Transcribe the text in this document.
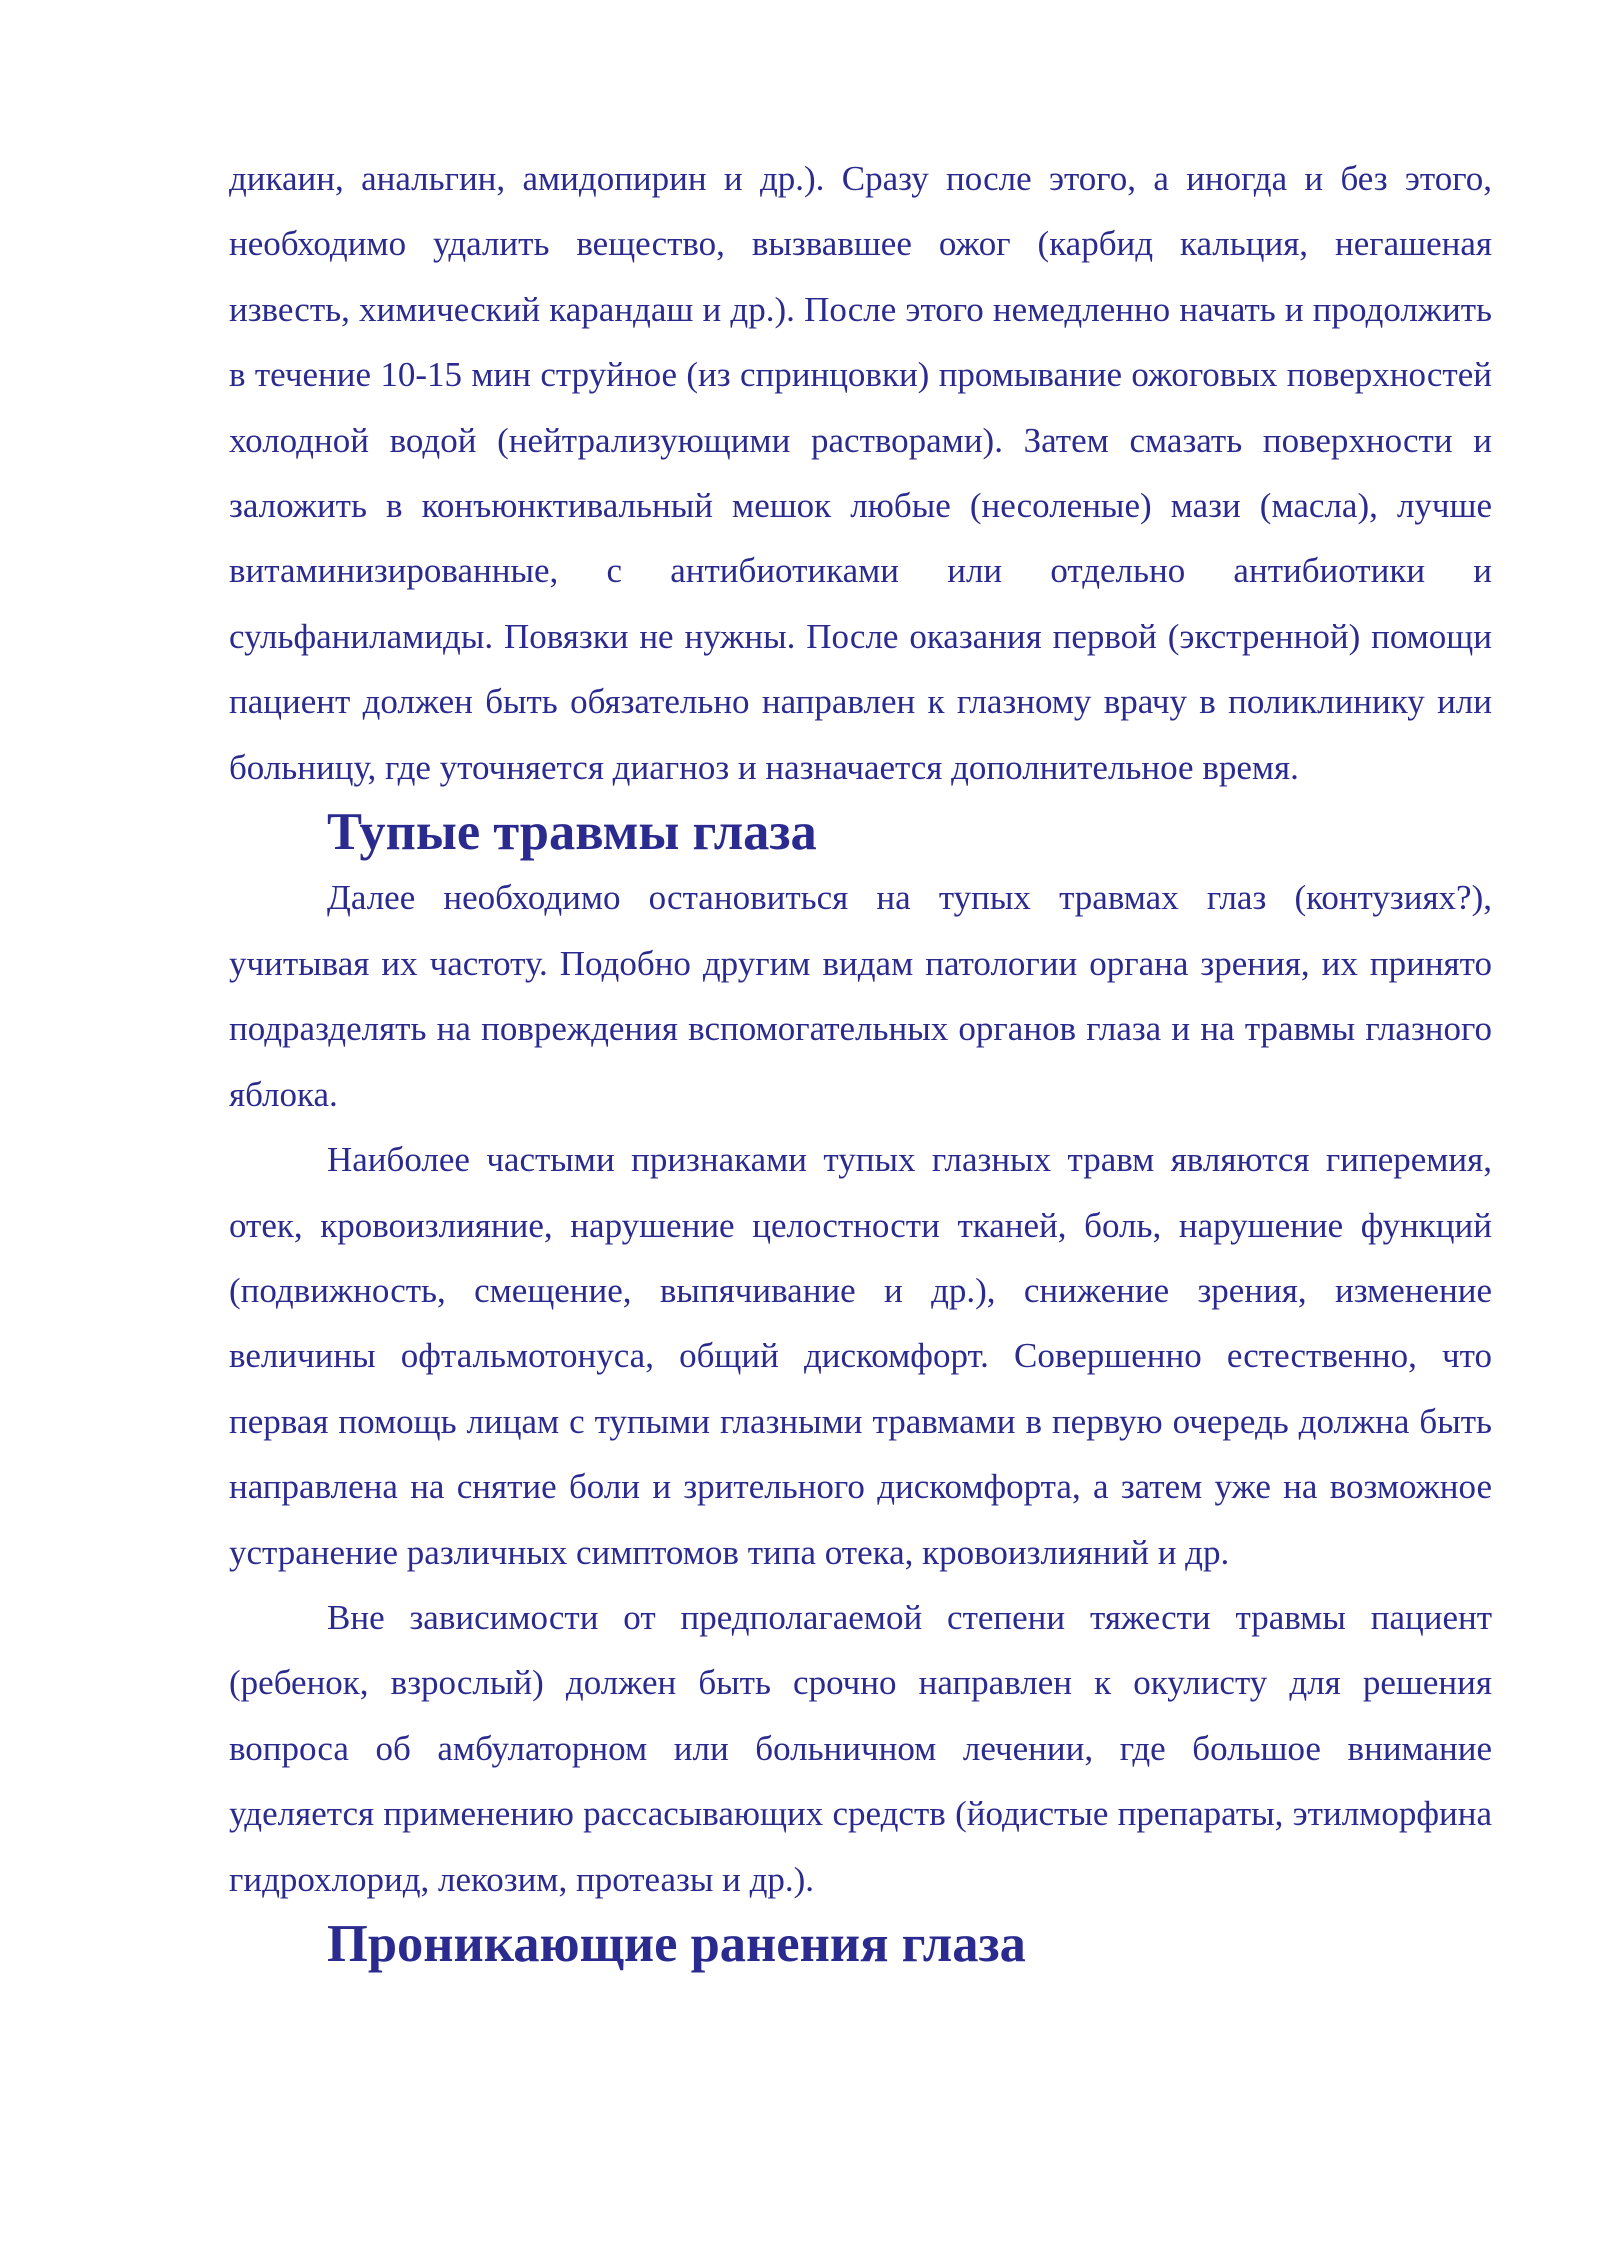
дикаин, анальгин, амидопирин и др.). Сразу после этого, а иногда и без этого, необходимо удалить вещество, вызвавшее ожог (карбид кальция, негашеная известь, химический карандаш и др.). После этого немедленно начать и продолжить в течение 10-15 мин струйное (из спринцовки) промывание ожоговых поверхностей холодной водой (нейтрализующими растворами). Затем смазать поверхности и заложить в конъюнктивальный мешок любые (несоленые) мази (масла), лучше витаминизированные, с антибиотиками или отдельно антибиотики и сульфаниламиды. Повязки не нужны. После оказания первой (экстренной) помощи пациент должен быть обязательно направлен к глазному врачу в поликлинику или больницу, где уточняется диагноз и назначается дополнительное время.

Тупые травмы глаза

Далее необходимо остановиться на тупых травмах глаз (контузиях?), учитывая их частоту. Подобно другим видам патологии органа зрения, их принято подразделять на повреждения вспомогательных органов глаза и на травмы глазного яблока.

Наиболее частыми признаками тупых глазных травм являются гиперемия, отек, кровоизлияние, нарушение целостности тканей, боль, нарушение функций (подвижность, смещение, выпячивание и др.), снижение зрения, изменение величины офтальмотонуса, общий дискомфорт. Совершенно естественно, что первая помощь лицам с тупыми глазными травмами в первую очередь должна быть направлена на снятие боли и зрительного дискомфорта, а затем уже на возможное устранение различных симптомов типа отека, кровоизлияний и др.

Вне зависимости от предполагаемой степени тяжести травмы пациент (ребенок, взрослый) должен быть срочно направлен к окулисту для решения вопроса об амбулаторном или больничном лечении, где большое внимание уделяется применению рассасывающих средств (йодистые препараты, этилморфина гидрохлорид, лекозим, протеазы и др.).

Проникающие ранения глаза
